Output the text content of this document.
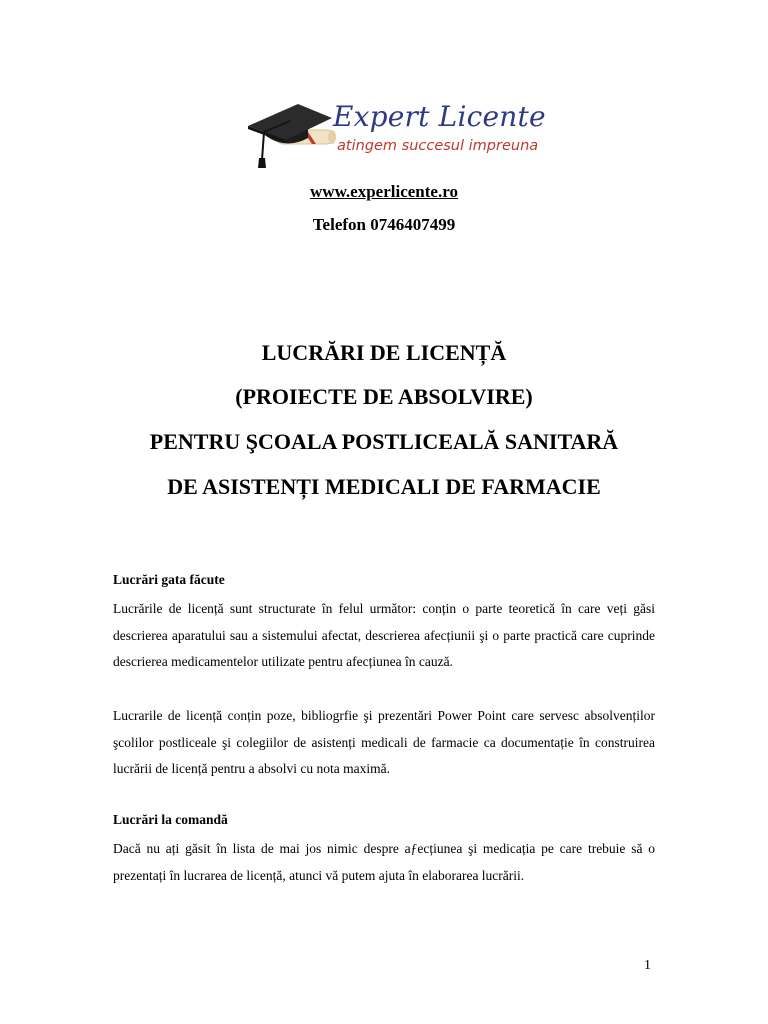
Expert Licente
atingem succesul impreuna
www.experlicente.ro
Telefon 0746407499
LUCRĂRI DE LICENȚĂ
(PROIECTE DE ABSOLVIRE)
PENTRU ŞCOALA POSTLICEALĂ SANITARĂ
DE ASISTENȚI MEDICALI DE FARMACIE
Lucrări gata făcute
Lucrările de licență sunt structurate în felul urmǎtor: conțin o parte teoretică în care veți găsi descrierea aparatului sau a sistemului afectat, descrierea afecțiunii şi o parte practică care cuprinde descrierea medicamentelor utilizate pentru afecțiunea în cauză.
Lucrarile de licență conțin poze, bibliogrfie şi prezentări Power Point care servesc absolvenților şcolilor postliceale şi colegiilor de asistenți medicali de farmacie ca documentație în construirea lucrării de licență pentru a absolvi cu nota maximă.
Lucrări la comandă
Dacă nu ați găsit în lista de mai jos nimic despre aƒecțiunea şi medicația pe care trebuie să o prezentați în lucrarea de licență, atunci vă putem ajuta în elaborarea lucrării.
1
